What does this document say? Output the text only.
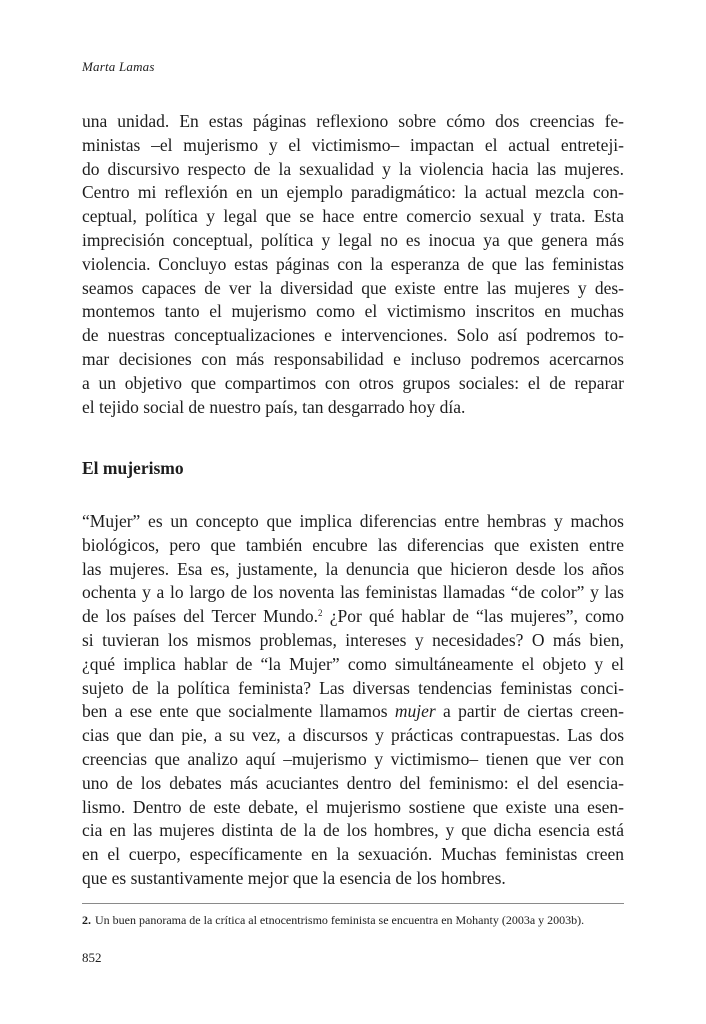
Marta Lamas
una unidad. En estas páginas reflexiono sobre cómo dos creencias fe-
ministas –el mujerismo y el victimismo– impactan el actual entreteji-
do discursivo respecto de la sexualidad y la violencia hacia las mujeres.
Centro mi reflexión en un ejemplo paradigmático: la actual mezcla con-
ceptual, política y legal que se hace entre comercio sexual y trata. Esta
imprecisión conceptual, política y legal no es inocua ya que genera más
violencia. Concluyo estas páginas con la esperanza de que las feministas
seamos capaces de ver la diversidad que existe entre las mujeres y des-
montemos tanto el mujerismo como el victimismo inscritos en muchas
de nuestras conceptualizaciones e intervenciones. Solo así podremos to-
mar decisiones con más responsabilidad e incluso podremos acercarnos
a un objetivo que compartimos con otros grupos sociales: el de reparar
el tejido social de nuestro país, tan desgarrado hoy día.
El mujerismo
“Mujer” es un concepto que implica diferencias entre hembras y machos
biológicos, pero que también encubre las diferencias que existen entre
las mujeres. Esa es, justamente, la denuncia que hicieron desde los años
ochenta y a lo largo de los noventa las feministas llamadas “de color” y las
de los países del Tercer Mundo.$^2$ ¿Por qué hablar de “las mujeres”, como
si tuvieran los mismos problemas, intereses y necesidades? O más bien,
¿qué implica hablar de “la Mujer” como simultáneamente el objeto y el
sujeto de la política feminista? Las diversas tendencias feministas conci-
ben a ese ente que socialmente llamamos mujer a partir de ciertas creen-
cias que dan pie, a su vez, a discursos y prácticas contrapuestas. Las dos
creencias que analizo aquí –mujerismo y victimismo– tienen que ver con
uno de los debates más acuciantes dentro del feminismo: el del esencia-
lismo. Dentro de este debate, el mujerismo sostiene que existe una esen-
cia en las mujeres distinta de la de los hombres, y que dicha esencia está
en el cuerpo, específicamente en la sexuación. Muchas feministas creen
que es sustantivamente mejor que la esencia de los hombres.
2. Un buen panorama de la crítica al etnocentrismo feminista se encuentra en Mohanty (2003a y 2003b).
852
